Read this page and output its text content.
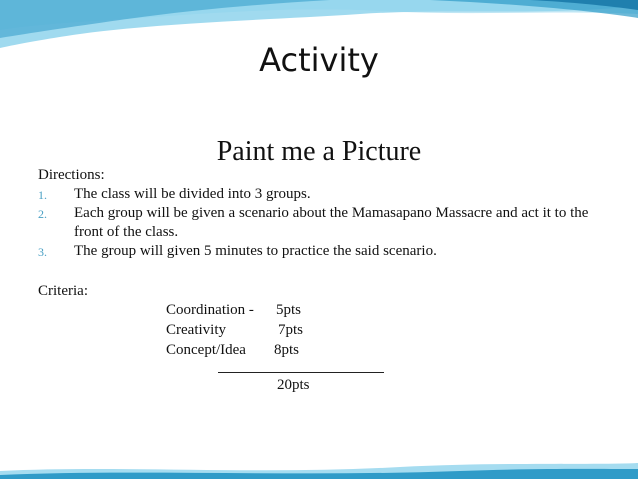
Activity
Paint me a Picture
Directions:
1. The class will be divided into 3 groups.
2. Each group will be given a scenario about the Mamasapano Massacre and act it to the front of the class.
3. The group will given 5 minutes to practice the said scenario.
Criteria:
Coordination - 5pts
Creativity	7pts
Concept/Idea 8pts
20pts
